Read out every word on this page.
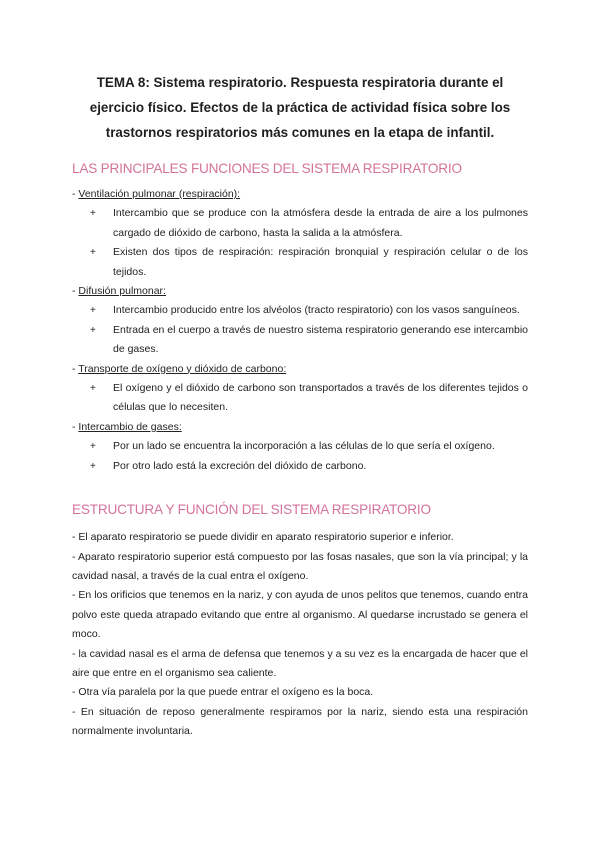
TEMA 8: Sistema respiratorio. Respuesta respiratoria durante el ejercicio físico. Efectos de la práctica de actividad física sobre los trastornos respiratorios más comunes en la etapa de infantil.
LAS PRINCIPALES FUNCIONES DEL SISTEMA RESPIRATORIO
- Ventilación pulmonar (respiración):
+	Intercambio que se produce con la atmósfera desde la entrada de aire a los pulmones cargado de dióxido de carbono, hasta la salida a la atmósfera.
+	Existen dos tipos de respiración: respiración bronquial y respiración celular o de los tejidos.
- Difusión pulmonar:
+	Intercambio producido entre los alvéolos (tracto respiratorio) con los vasos sanguíneos.
+	Entrada en el cuerpo a través de nuestro sistema respiratorio generando ese intercambio de gases.
- Transporte de oxígeno y dióxido de carbono:
+	El oxígeno y el dióxido de carbono son transportados a través de los diferentes tejidos o células que lo necesiten.
- Intercambio de gases:
+	Por un lado se encuentra la incorporación a las células de lo que sería el oxígeno.
+	Por otro lado está la excreción del dióxido de carbono.
ESTRUCTURA Y FUNCIÓN DEL SISTEMA RESPIRATORIO

- El aparato respiratorio se puede dividir en aparato respiratorio superior e inferior.

- Aparato respiratorio superior está compuesto por las fosas nasales, que son la vía principal; y la cavidad nasal, a través de la cual entra el oxígeno.

- En los orificios que tenemos en la nariz, y con ayuda de unos pelitos que tenemos, cuando entra polvo este queda atrapado evitando que entre al organismo. Al quedarse incrustado se genera el moco.

- la cavidad nasal es el arma de defensa que tenemos y a su vez es la encargada de hacer que el aire que entre en el organismo sea caliente.

- Otra vía paralela por la que puede entrar el oxígeno es la boca.

- En situación de reposo generalmente respiramos por la nariz, siendo esta una respiración normalmente involuntaria.
